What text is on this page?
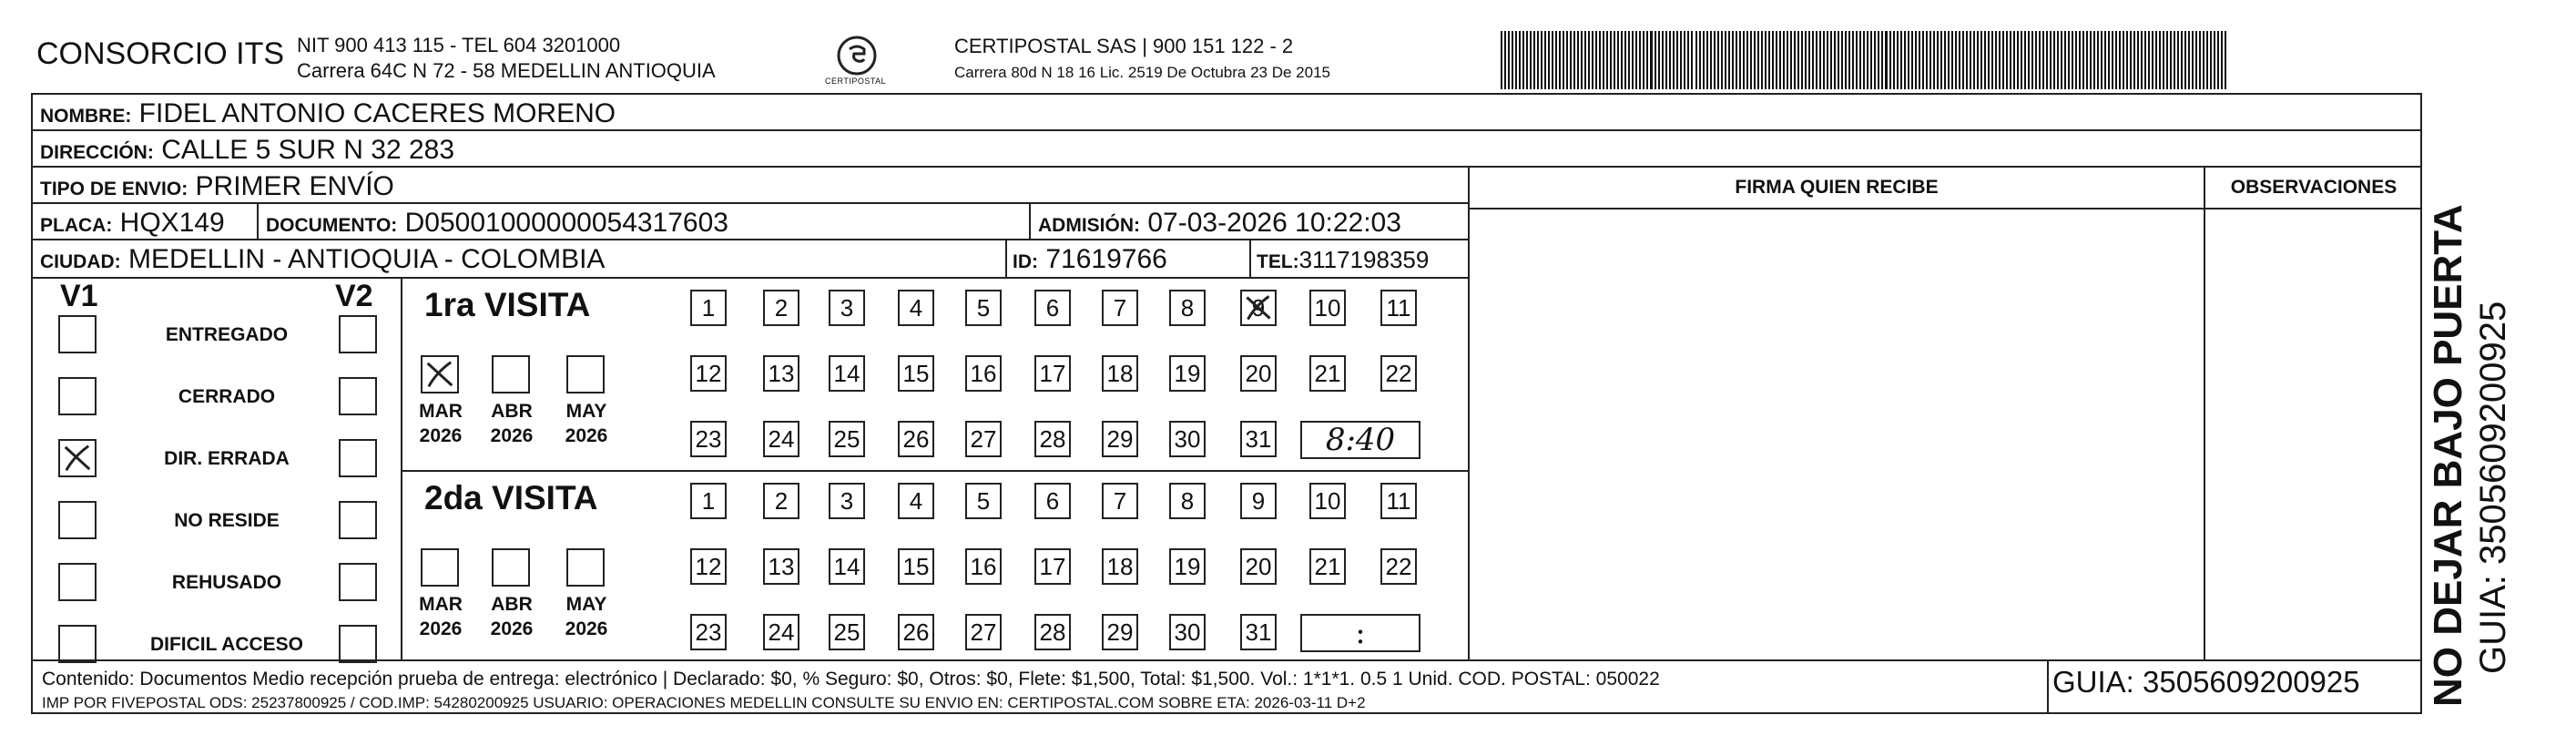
CONSORCIO ITS NIT 900 413 115 - TEL 604 3201000
Carrera 64C N 72 - 58 MEDELLIN ANTIOQUIA	CERTIPOSTAL
CERTIPOSTAL SAS | 900 151 122 - 2
Carrera 80d N 18 16 Lic. 2519 De Octubra 23 De 2015
NOMBRE: FIDEL ANTONIO CACERES MORENO
DIRECCIÓN: CALLE 5 SUR N 32 283
TIPO DE ENVIO: PRIMER ENVÍO	FIRMA QUIEN RECIBE	OBSERVACIONES
PLACA: HQX149 DOCUMENTO: D05001000000054317603	ADMISIÓN: 07-03-2026 10:22:03
CIUDAD: MEDELLIN - ANTIOQUIA - COLOMBIA	ID: 71619766	TEL:3117198359
V1	V2
ENTREGADO
CERRADO
DIR. ERRADA
NO RESIDE
REHUSADO
DIFICIL ACCESO
1ra VISITA
MAR
2026
ABR
2026
MAY
2026
1	2 3 4 5 6 7 8 9 10 11
12 13 14 15 16 17 18 19 20 21 22
23 24 25 26 27 28 29 30 31 8:40
2da VISITA
MAR
2026
ABR
2026
MAY
2026
1	2 3 4 5 6 7 8 9 10 11
12 13 14 15 16 17 18 19 20 21 22
23 24 25 26 27 28 29 30 31	:
Contenido: Documentos Medio recepción prueba de entrega: electrónico | Declarado: $0, % Seguro: $0, Otros: $0, Flete: $1,500, Total: $1,500. Vol.: 1*1*1. 0.5 1 Unid. COD. POSTAL: 050022
IMP POR FIVEPOSTAL ODS: 25237800925 / COD.IMP: 54280200925 USUARIO: OPERACIONES MEDELLIN CONSULTE SU ENVIO EN: CERTIPOSTAL.COM SOBRE ETA: 2026-03-11 D+2
GUIA: 3505609200925 NO DEJAR BAJO PUERTA GUIA: 3505609200925
